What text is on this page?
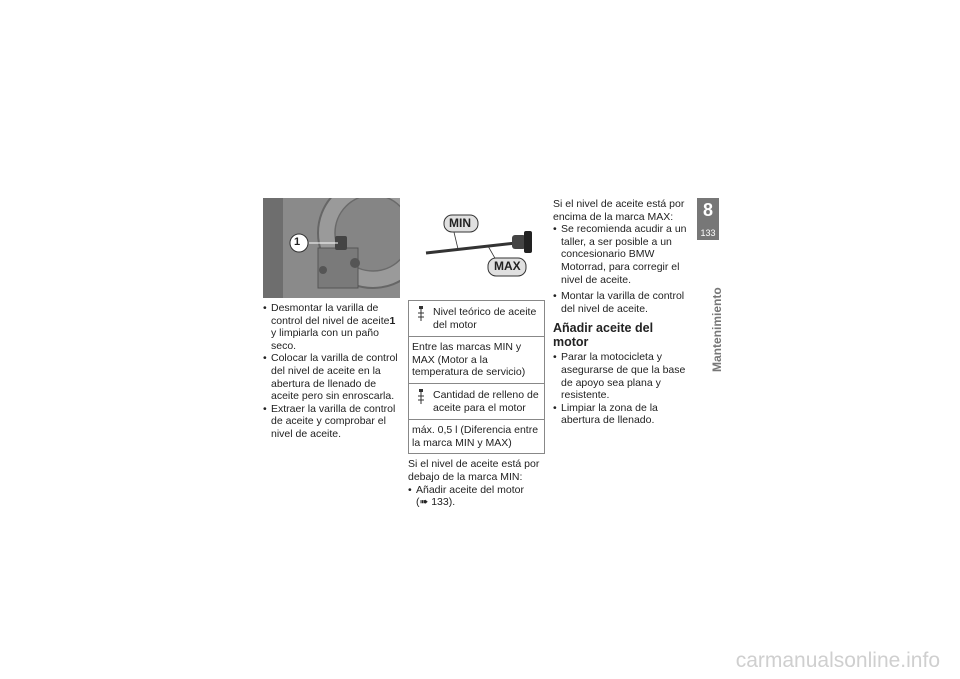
1
• Desmontar la varilla de control del nivel de aceite1 y limpiarla con un paño seco.
• Colocar la varilla de control del nivel de aceite en la abertura de llenado de aceite pero sin enroscarla.
• Extraer la varilla de control de aceite y comprobar el nivel de aceite.
MIN
MAX
Nivel teórico de aceite del motor
Entre las marcas MIN y MAX (Motor a la temperatura de servicio)
Cantidad de relleno de aceite para el motor
máx. 0,5 l (Diferencia entre la marca MIN y MAX)
Si el nivel de aceite está por debajo de la marca MIN:
• Añadir aceite del motor
(➠ 133).
Si el nivel de aceite está por encima de la marca MAX:
• Se recomienda acudir a un taller, a ser posible a un concesionario BMW Motorrad, para corregir el nivel de aceite.
• Montar la varilla de control del nivel de aceite.
Añadir aceite del motor
• Parar la motocicleta y asegurarse de que la base de apoyo sea plana y resistente.
• Limpiar la zona de la abertura de llenado.
8
133
Mantenimiento
carmanualsonline.info
